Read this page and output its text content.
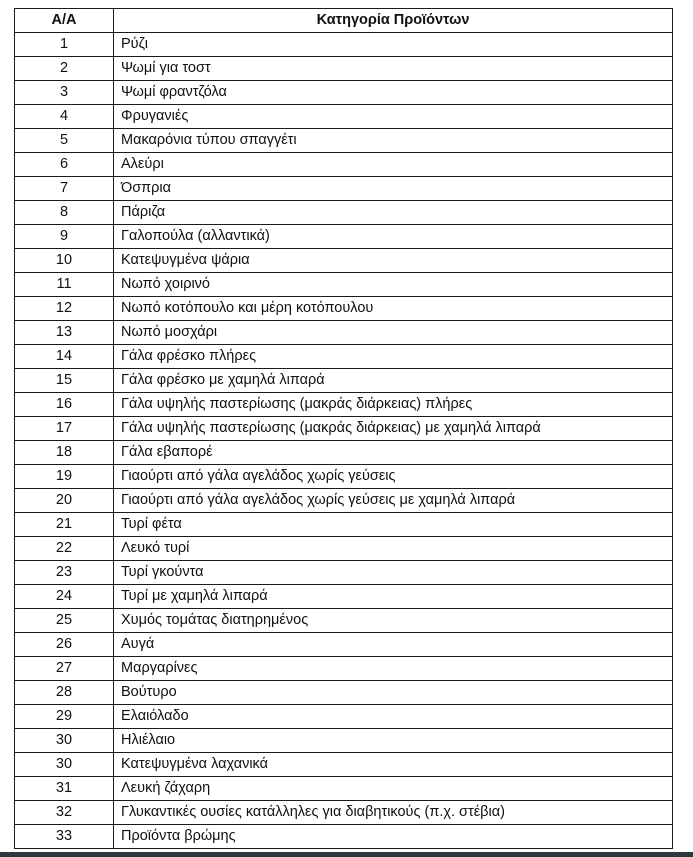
Α/Α	Κατηγορία Προϊόντων
1	Ρύζι
2	Ψωμί για τοστ
3	Ψωμί φραντζόλα
4	Φρυγανιές
5	Μακαρόνια τύπου σπαγγέτι
6	Αλεύρι
7	Όσπρια
8	Πάριζα
9	Γαλοπούλα (αλλαντικά)
10	Κατεψυγμένα ψάρια
11	Νωπό χοιρινό
12	Νωπό κοτόπουλο και μέρη κοτόπουλου
13	Νωπό μοσχάρι
14	Γάλα φρέσκο πλήρες
15	Γάλα φρέσκο με χαμηλά λιπαρά
16	Γάλα υψηλής παστερίωσης (μακράς διάρκειας) πλήρες
17	Γάλα υψηλής παστερίωσης (μακράς διάρκειας) με χαμηλά λιπαρά
18	Γάλα εβαπορέ
19	Γιαούρτι από γάλα αγελάδος χωρίς γεύσεις
20	Γιαούρτι από γάλα αγελάδος χωρίς γεύσεις με χαμηλά λιπαρά
21	Τυρί φέτα
22	Λευκό τυρί
23	Τυρί γκούντα
24	Τυρί με χαμηλά λιπαρά
25	Χυμός τομάτας διατηρημένος
26	Αυγά
27	Μαργαρίνες
28	Βούτυρο
29	Ελαιόλαδο
30	Ηλιέλαιο
30	Κατεψυγμένα λαχανικά
31	Λευκή ζάχαρη
32	Γλυκαντικές ουσίες κατάλληλες για διαβητικούς (π.χ. στέβια)
33	Προϊόντα βρώμης
